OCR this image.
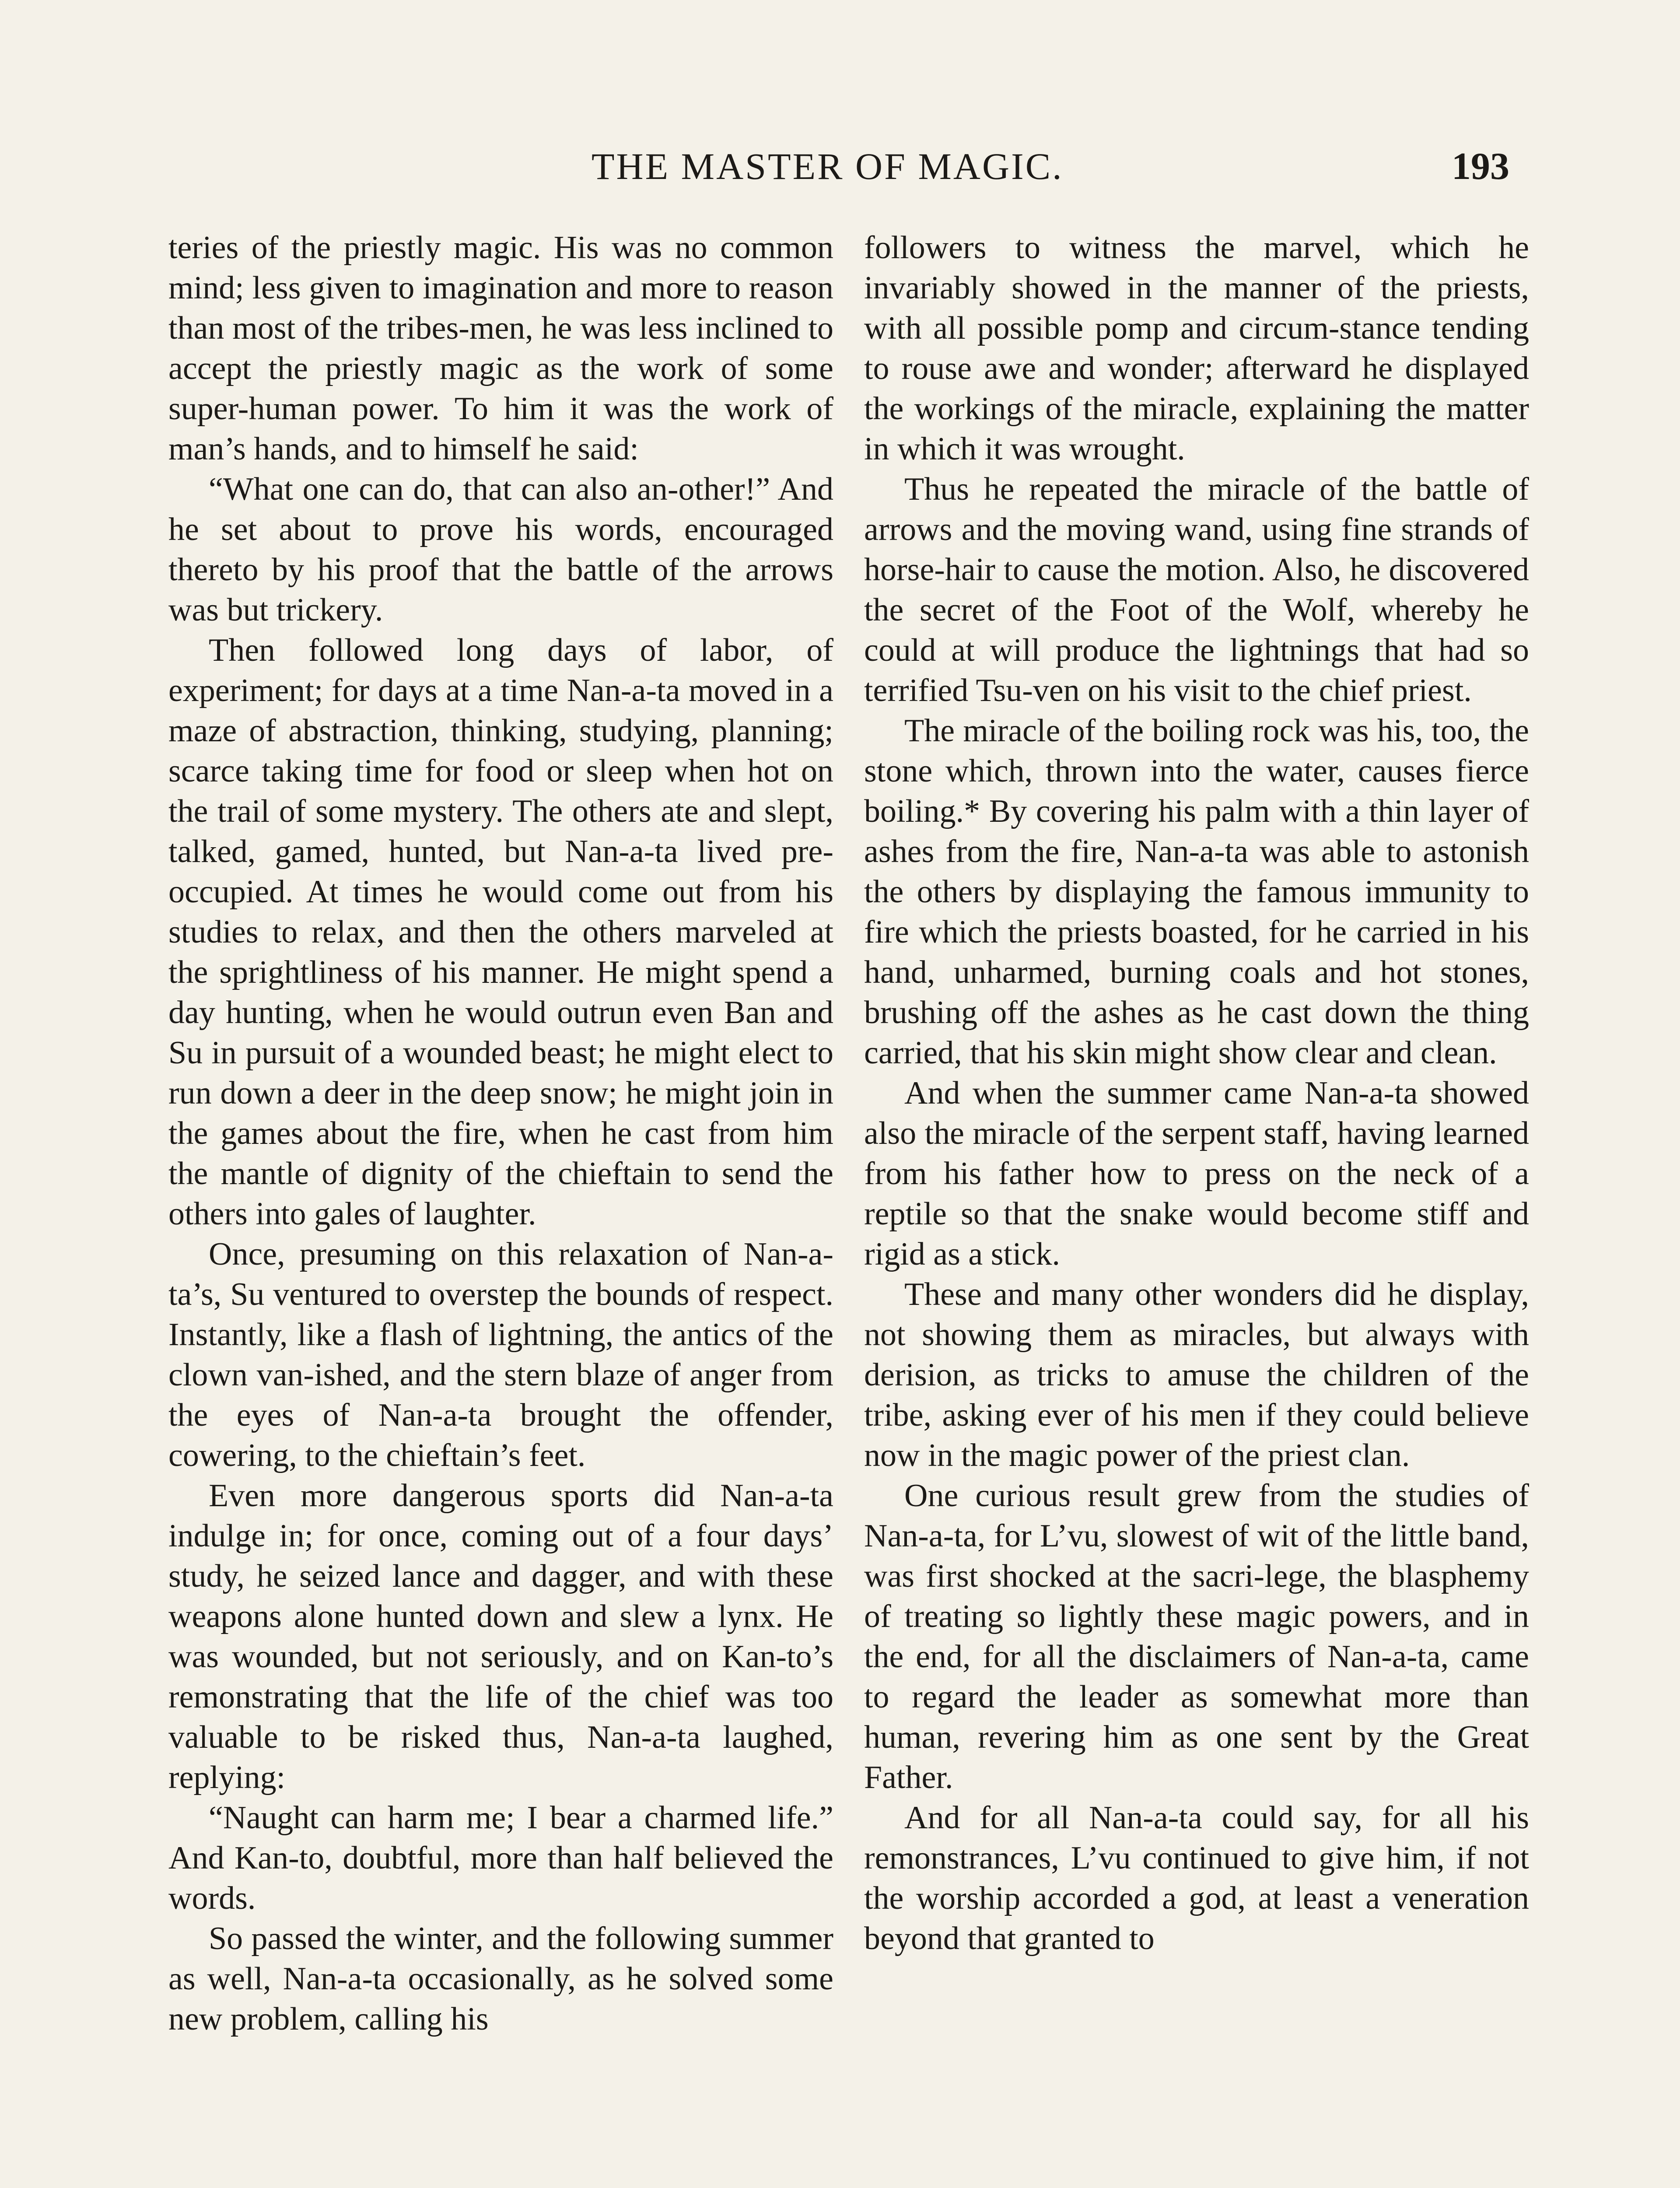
THE MASTER OF MAGIC.	193

teries of the priestly magic. His was no common mind; less given to imagination and more to reason than most of the tribes-men, he was less inclined to accept the priestly magic as the work of some super-human power. To him it was the work of man’s hands, and to himself he said:

“What one can do, that can also an-other!” And he set about to prove his words, encouraged thereto by his proof that the battle of the arrows was but trickery.

Then followed long days of labor, of experiment; for days at a time Nan-a-ta moved in a maze of abstraction, thinking, studying, planning; scarce taking time for food or sleep when hot on the trail of some mystery. The others ate and slept, talked, gamed, hunted, but Nan-a-ta lived pre-occupied. At times he would come out from his studies to relax, and then the others marveled at the sprightliness of his manner. He might spend a day hunting, when he would outrun even Ban and Su in pursuit of a wounded beast; he might elect to run down a deer in the deep snow; he might join in the games about the fire, when he cast from him the mantle of dignity of the chieftain to send the others into gales of laughter.

Once, presuming on this relaxation of Nan-a-ta’s, Su ventured to overstep the bounds of respect. Instantly, like a flash of lightning, the antics of the clown van-ished, and the stern blaze of anger from the eyes of Nan-a-ta brought the offender, cowering, to the chieftain’s feet.

Even more dangerous sports did Nan-a-ta indulge in; for once, coming out of a four days’ study, he seized lance and dagger, and with these weapons alone hunted down and slew a lynx. He was wounded, but not seriously, and on Kan-to’s remonstrating that the life of the chief was too valuable to be risked thus, Nan-a-ta laughed, replying:

“Naught can harm me; I bear a charmed life.” And Kan-to, doubtful, more than half believed the words.

So passed the winter, and the following summer as well, Nan-a-ta occasionally, as he solved some new problem, calling his

followers to witness the marvel, which he invariably showed in the manner of the priests, with all possible pomp and circum-stance tending to rouse awe and wonder; afterward he displayed the workings of the miracle, explaining the matter in which it was wrought.

Thus he repeated the miracle of the battle of arrows and the moving wand, using fine strands of horse-hair to cause the motion. Also, he discovered the secret of the Foot of the Wolf, whereby he could at will produce the lightnings that had so terrified Tsu-ven on his visit to the chief priest.

The miracle of the boiling rock was his, too, the stone which, thrown into the water, causes fierce boiling.* By covering his palm with a thin layer of ashes from the fire, Nan-a-ta was able to astonish the others by displaying the famous immunity to fire which the priests boasted, for he carried in his hand, unharmed, burning coals and hot stones, brushing off the ashes as he cast down the thing carried, that his skin might show clear and clean.

And when the summer came Nan-a-ta showed also the miracle of the serpent staff, having learned from his father how to press on the neck of a reptile so that the snake would become stiff and rigid as a stick.

These and many other wonders did he display, not showing them as miracles, but always with derision, as tricks to amuse the children of the tribe, asking ever of his men if they could believe now in the magic power of the priest clan.

One curious result grew from the studies of Nan-a-ta, for L’vu, slowest of wit of the little band, was first shocked at the sacri-lege, the blasphemy of treating so lightly these magic powers, and in the end, for all the disclaimers of Nan-a-ta, came to regard the leader as somewhat more than human, revering him as one sent by the Great Father.

And for all Nan-a-ta could say, for all his remonstrances, L’vu continued to give him, if not the worship accorded a god, at least a veneration beyond that granted to
